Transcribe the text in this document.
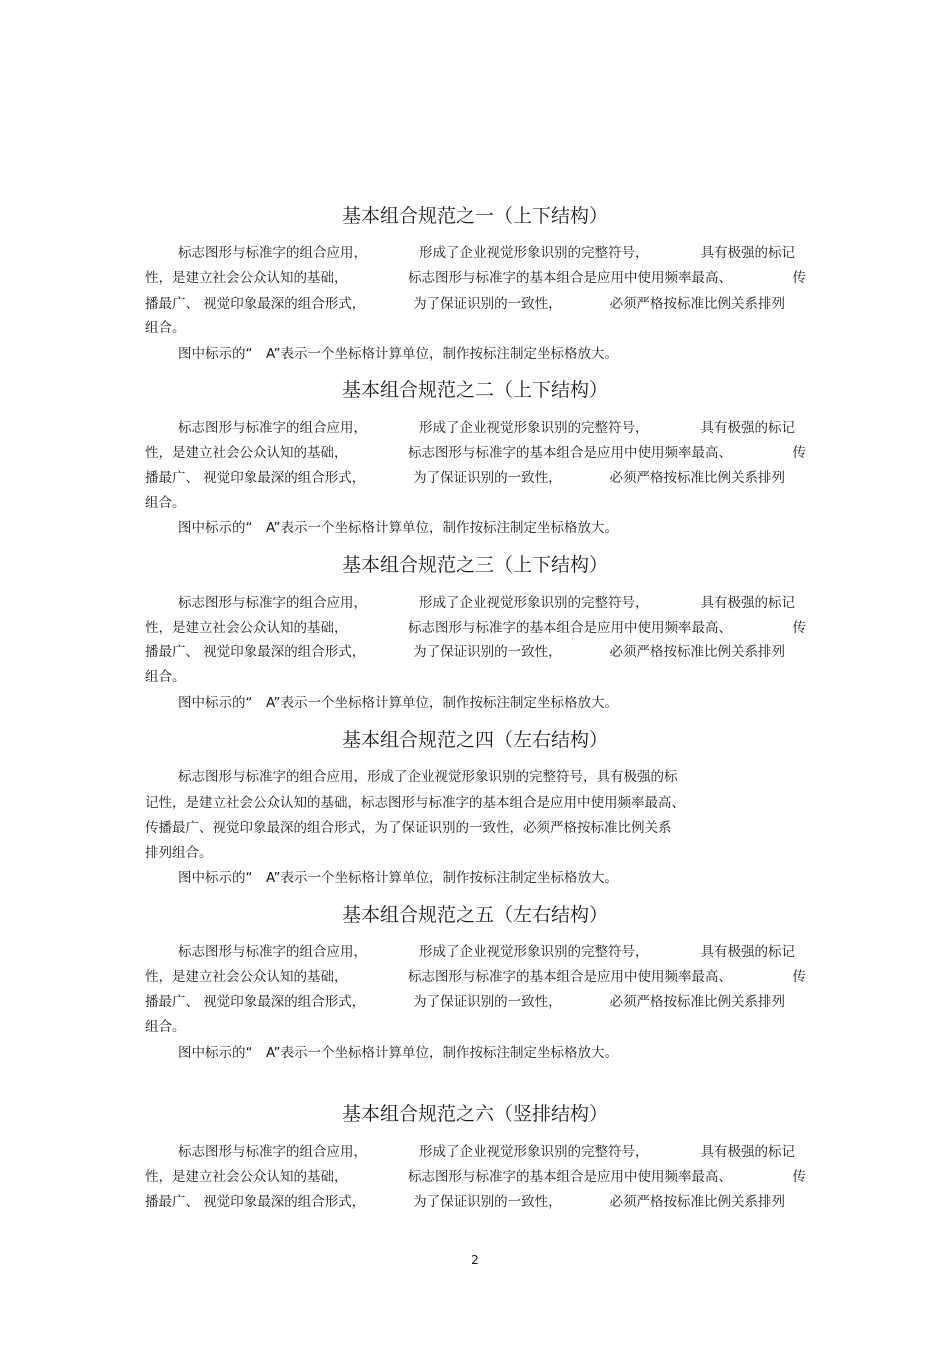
基本组合规范之一（上下结构）

标志图形与标准字的组合应用，	形成了企业视觉形象识别的完整符号，	具有极强的标记

性，是建立社会公众认知的基础，	标志图形与标准字的基本组合是应用中使用频率最高、	传

播最广、 视觉印象最深的组合形式，	为了保证识别的一致性，	必须严格按标准比例关系排列

组合。

图中标示的“　A”表示一个坐标格计算单位，制作按标注制定坐标格放大。

基本组合规范之二（上下结构）

标志图形与标准字的组合应用，	形成了企业视觉形象识别的完整符号，	具有极强的标记

性，是建立社会公众认知的基础，	标志图形与标准字的基本组合是应用中使用频率最高、	传

播最广、 视觉印象最深的组合形式，	为了保证识别的一致性，	必须严格按标准比例关系排列

组合。

图中标示的“　A”表示一个坐标格计算单位，制作按标注制定坐标格放大。

基本组合规范之三（上下结构）

标志图形与标准字的组合应用，	形成了企业视觉形象识别的完整符号，	具有极强的标记

性，是建立社会公众认知的基础，	标志图形与标准字的基本组合是应用中使用频率最高、	传

播最广、 视觉印象最深的组合形式，	为了保证识别的一致性，	必须严格按标准比例关系排列

组合。

图中标示的“　A”表示一个坐标格计算单位，制作按标注制定坐标格放大。

基本组合规范之四（左右结构）

标志图形与标准字的组合应用，形成了企业视觉形象识别的完整符号，具有极强的标

记性，是建立社会公众认知的基础，标志图形与标准字的基本组合是应用中使用频率最高、

传播最广、视觉印象最深的组合形式，为了保证识别的一致性，必须严格按标准比例关系

排列组合。

图中标示的“　A”表示一个坐标格计算单位，制作按标注制定坐标格放大。

基本组合规范之五（左右结构）

标志图形与标准字的组合应用，	形成了企业视觉形象识别的完整符号，	具有极强的标记

性，是建立社会公众认知的基础，	标志图形与标准字的基本组合是应用中使用频率最高、	传

播最广、 视觉印象最深的组合形式，	为了保证识别的一致性，	必须严格按标准比例关系排列

组合。

图中标示的“　A”表示一个坐标格计算单位，制作按标注制定坐标格放大。

基本组合规范之六（竖排结构）

标志图形与标准字的组合应用，	形成了企业视觉形象识别的完整符号，	具有极强的标记

性，是建立社会公众认知的基础，	标志图形与标准字的基本组合是应用中使用频率最高、	传

播最广、 视觉印象最深的组合形式，	为了保证识别的一致性，	必须严格按标准比例关系排列

2
